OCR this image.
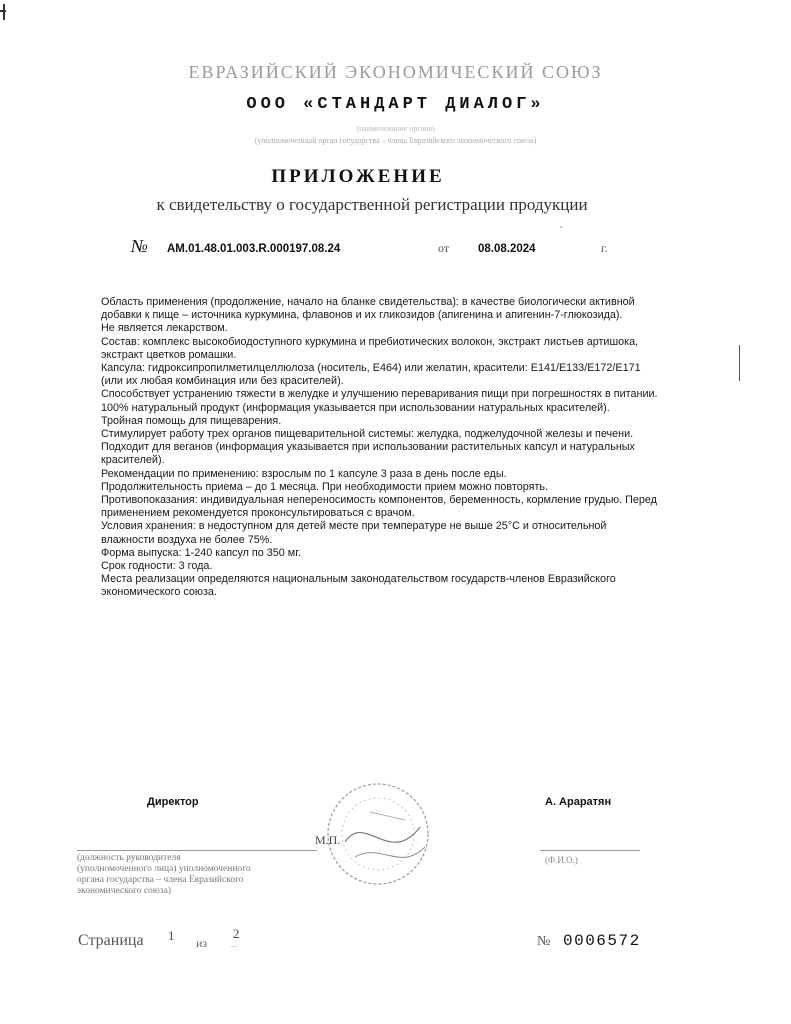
ЕВРАЗИЙСКИЙ ЭКОНОМИЧЕСКИЙ СОЮЗ
ООО «СТАНДАРТ ДИАЛОГ»
(наименование органа)
(уполномоченный орган государства – члена Евразийского экономического союза)
ПРИЛОЖЕНИЕ
к свидетельству о государственной регистрации продукции
,
№ AM.01.48.01.003.R.000197.08.24	от	08.08.2024	г.

Область применения (продолжение, начало на бланке свидетельства): в качестве биологически активной добавки к пище – источника куркумина, флавонов и их гликозидов (апигенина и апигенин-7-глюкозида).

Не является лекарством.

Состав: комплекс высокобиодоступного куркумина и пребиотических волокон, экстракт листьев артишока, экстракт цветков ромашки.

Капсула: гидроксипропилметилцеллюлоза (носитель, Е464) или желатин, красители: Е141/Е133/Е172/Е171 (или их любая комбинация или без красителей).

Способствует устранению тяжести в желудке и улучшению переваривания пищи при погрешностях в питании.

100% натуральный продукт (информация указывается при использовании натуральных красителей).

Тройная помощь для пищеварения.

Стимулирует работу трех органов пищеварительной системы: желудка, поджелудочной железы и печени.

Подходит для веганов (информация указывается при использовании растительных капсул и натуральных красителей).

Рекомендации по применению: взрослым по 1 капсуле 3 раза в день после еды.

Продолжительность приема – до 1 месяца. При необходимости прием можно повторять.

Противопоказания: индивидуальная непереносимость компонентов, беременность, кормление грудью. Перед применением рекомендуется проконсультироваться с врачом.

Условия хранения: в недоступном для детей месте при температуре не выше 25°С и относительной влажности воздуха не более 75%.

Форма выпуска: 1-240 капсул по 350 мг.

Срок годности: 3 года.

Места реализации определяются национальным законодательством государств-членов Евразийского экономического союза.

Директор	А. Араратян
М.П.

(должность руководителя

(уполномоченного лица) уполномоченного

органа государства – члена Евразийского

экономического союза)

(Ф.И.О.)
Страница 1 из
2
...	№ 0006572
